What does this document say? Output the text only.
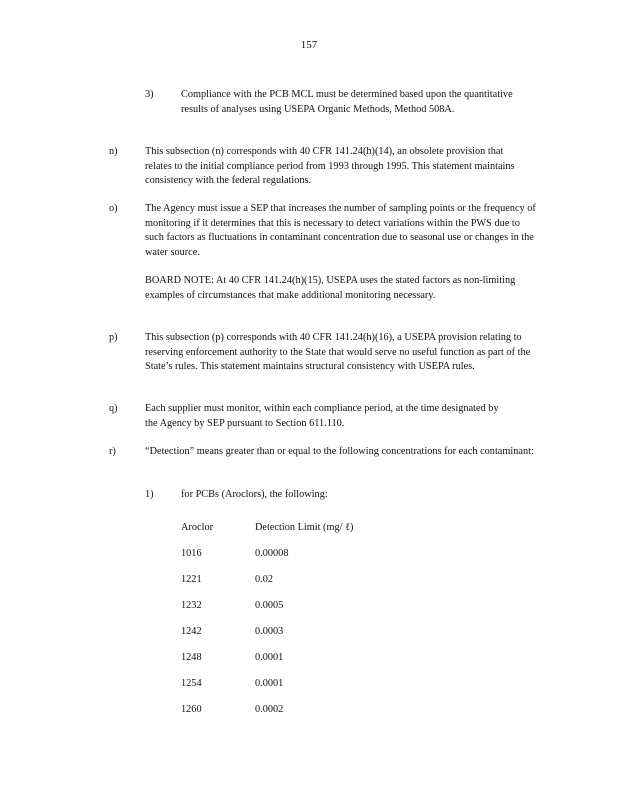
157
3)	Compliance with the PCB MCL must be determined based upon the quantitative results of analyses using USEPA Organic Methods, Method 508A.

n)	This subsection (n) corresponds with 40 CFR 141.24(h)(14), an obsolete provision that relates to the initial compliance period from 1993 through 1995. This statement maintains consistency with the federal regulations.

o)	The Agency must issue a SEP that increases the number of sampling points or the frequency of monitoring if it determines that this is necessary to detect variations within the PWS due to such factors as fluctuations in contaminant concentration due to seasonal use or changes in the water source.

BOARD NOTE: At 40 CFR 141.24(h)(15), USEPA uses the stated factors as non-limiting examples of circumstances that make additional monitoring necessary.

p)	This subsection (p) corresponds with 40 CFR 141.24(h)(16), a USEPA provision relating to reserving enforcement authority to the State that would serve no useful function as part of the State’s rules. This statement maintains structural consistency with USEPA rules.

q)	Each supplier must monitor, within each compliance period, at the time designated by the Agency by SEP pursuant to Section 611.110.

r)	“Detection” means greater than or equal to the following concentrations for each contaminant:

1)	for PCBs (Aroclors), the following:

Aroclor	Detection Limit (mg/ ℓ)
1016	0.00008
1221	0.02
1232	0.0005
1242	0.0003
1248	0.0001
1254	0.0001
1260	0.0002
